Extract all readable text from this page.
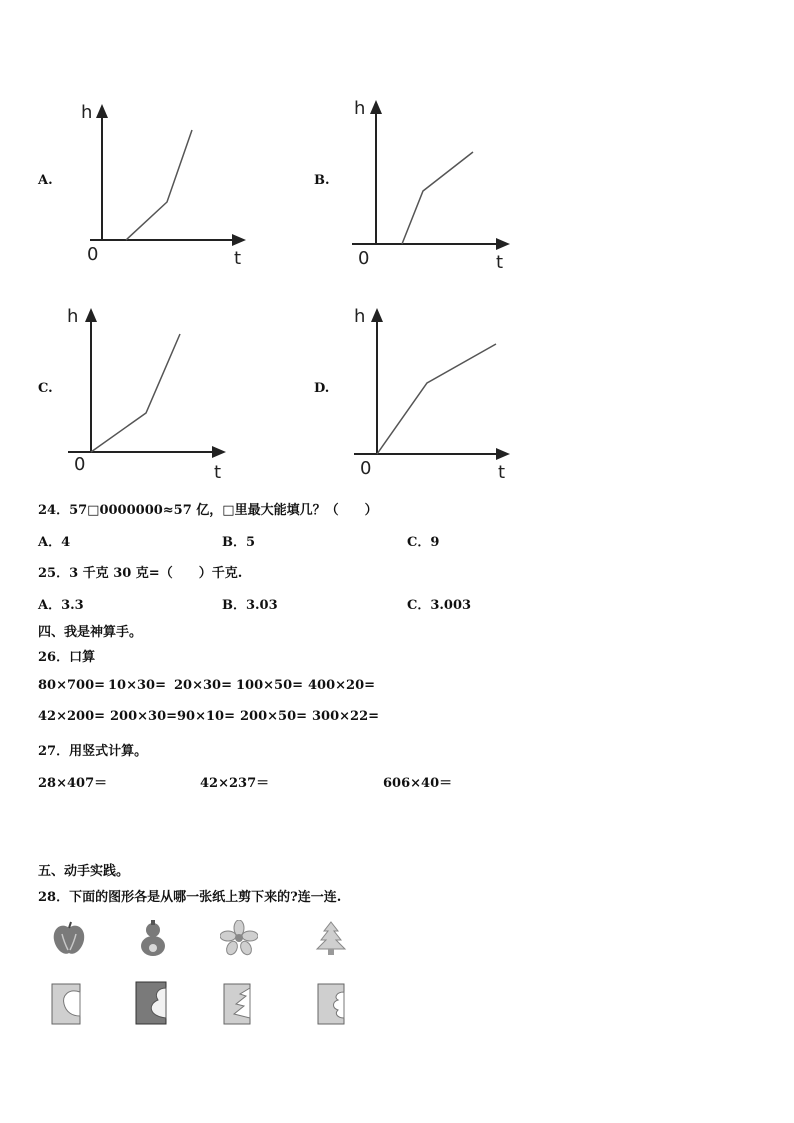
A.
h
0	t
B.
h
0	t
C.
h
0	t
D.
h
0	t
24．57□0000000≈57 亿，□里最大能填几？（　　）
A．4	B．5	C．9
25．3 千克 30 克=（　　）千克.
A．3.3	B．3.03	C．3.003
四、我是神算手。
26．口算
80×700= 10×30= 20×30= 100×50= 400×20=
42×200= 200×30= 90×10= 200×50= 300×22=
27．用竖式计算。
28×407＝	42×237＝	606×40＝
五、动手实践。
28．下面的图形各是从哪一张纸上剪下来的?连一连.
